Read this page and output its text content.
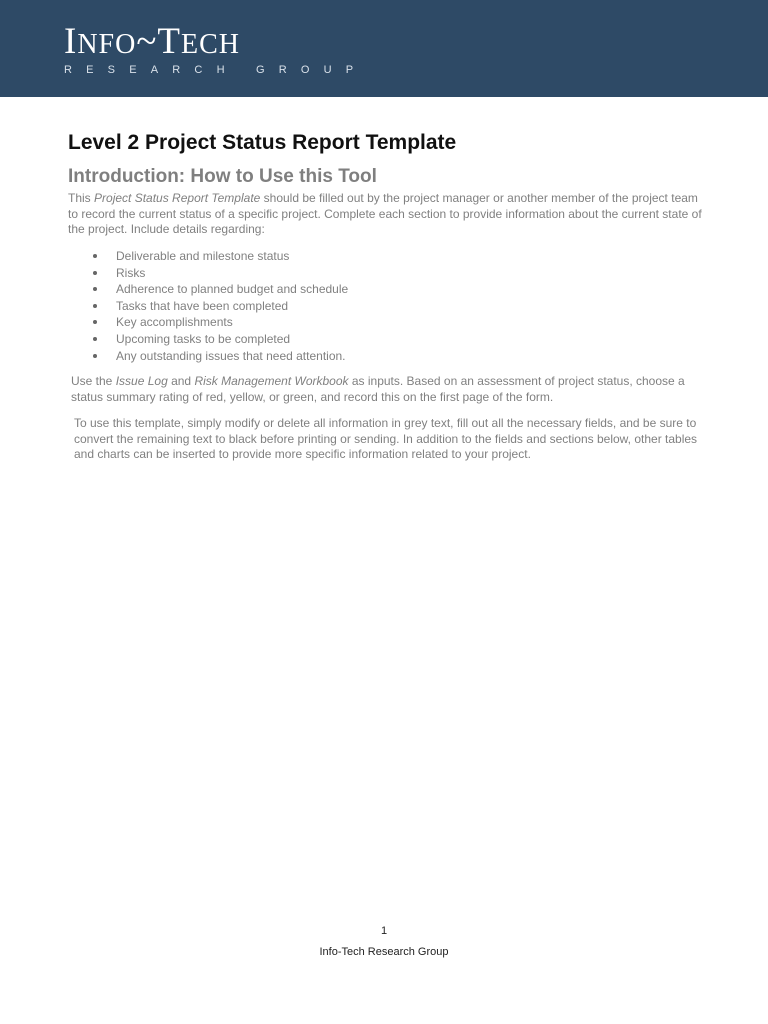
INFO~TECH
RESEARCH GROUP
Level 2 Project Status Report Template
Introduction: How to Use this Tool

This Project Status Report Template should be filled out by the project manager or another member of the project team to record the current status of a specific project. Complete each section to provide information about the current state of the project. Include details regarding:

Deliverable and milestone status
Risks
Adherence to planned budget and schedule
Tasks that have been completed
Key accomplishments
Upcoming tasks to be completed
Any outstanding issues that need attention.

Use the Issue Log and Risk Management Workbook as inputs. Based on an assessment of project status, choose a status summary rating of red, yellow, or green, and record this on the first page of the form.

To use this template, simply modify or delete all information in grey text, fill out all the necessary fields, and be sure to convert the remaining text to black before printing or sending. In addition to the fields and sections below, other tables and charts can be inserted to provide more specific information related to your project.

1

Info-Tech Research Group
